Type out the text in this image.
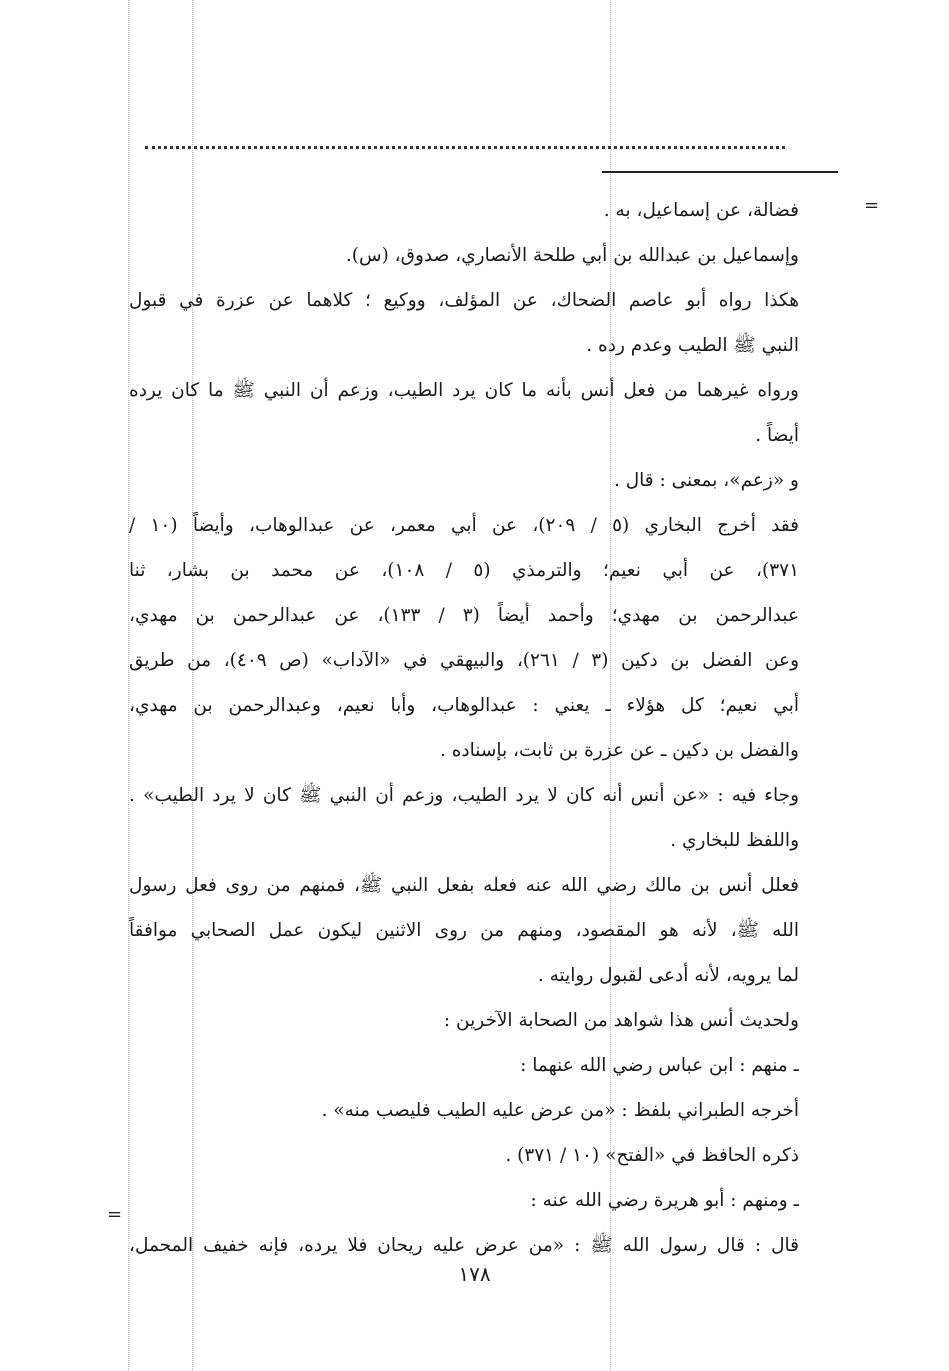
=
فضالة، عن إسماعيل، به .
وإسماعيل بن عبدالله بن أبي طلحة الأنصاري، صدوق، (س).
هكذا رواه أبو عاصم الضحاك، عن المؤلف، ووكيع ؛ كلاهما عن عزرة في قبول
النبي ﷺ الطيب وعدم رده .
ورواه غيرهما من فعل أنس بأنه ما كان يرد الطيب، وزعم أن النبي ﷺ ما كان يرده
أيضاً .
و «زعم»، بمعنى : قال .
فقد أخرج البخاري (٥ / ٢٠٩)، عن أبي معمر، عن عبدالوهاب، وأيضاً (١٠ /
٣٧١)، عن أبي نعيم؛ والترمذي (٥ / ١٠٨)، عن محمد بن بشار، ثنا
عبدالرحمن بن مهدي؛ وأحمد أيضاً (٣ / ١٣٣)، عن عبدالرحمن بن مهدي،
وعن الفضل بن دكين (٣ / ٢٦١)، والبيهقي في «الآداب» (ص ٤٠٩)، من طريق
أبي نعيم؛ كل هؤلاء ـ يعني : عبدالوهاب، وأبا نعيم، وعبدالرحمن بن مهدي،
والفضل بن دكين ـ عن عزرة بن ثابت، بإسناده .
وجاء فيه : «عن أنس أنه كان لا يرد الطيب، وزعم أن النبي ﷺ كان لا يرد الطيب» .
واللفظ للبخاري .
فعلل أنس بن مالك رضي الله عنه فعله بفعل النبي ﷺ، فمنهم من روى فعل رسول
الله ﷺ، لأنه هو المقصود، ومنهم من روى الاثنين ليكون عمل الصحابي موافقاً
لما يرويه، لأنه أدعى لقبول روايته .
ولحديث أنس هذا شواهد من الصحابة الآخرين :
ـ منهم : ابن عباس رضي الله عنهما :
أخرجه الطبراني بلفظ : «من عرض عليه الطيب فليصب منه» .
ذكره الحافظ في «الفتح» (١٠ / ٣٧١) .
ـ ومنهم : أبو هريرة رضي الله عنه :
قال : قال رسول الله ﷺ : «من عرض عليه ريحان فلا يرده، فإنه خفيف المحمل،
=
١٧٨
